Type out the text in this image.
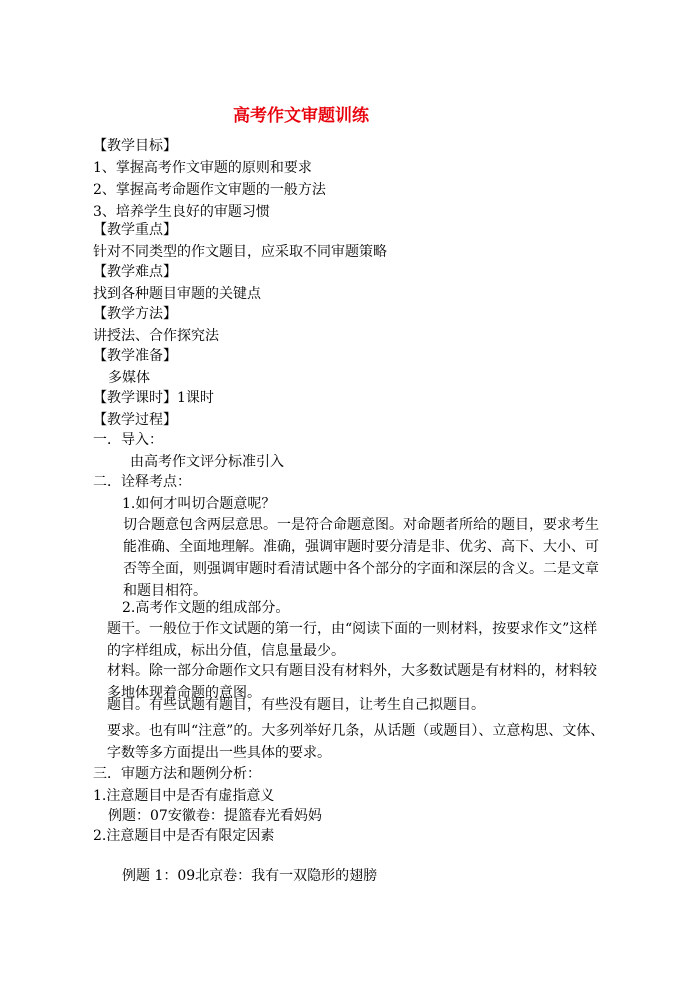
高考作文审题训练
【教学目标】
1、掌握高考作文审题的原则和要求
2、掌握高考命题作文审题的一般方法
3、培养学生良好的审题习惯
【教学重点】
针对不同类型的作文题目，应采取不同审题策略
【教学难点】
找到各种题目审题的关键点
【教学方法】
讲授法、合作探究法
【教学准备】
多媒体
【教学课时】1课时
【教学过程】
一．导入：
由高考作文评分标准引入
二．诠释考点：
1.如何才叫切合题意呢？
切合题意包含两层意思。一是符合命题意图。对命题者所给的题目，要求考生能准确、全面地理解。准确，强调审题时要分清是非、优劣、高下、大小、可否等全面，则强调审题时看清试题中各个部分的字面和深层的含义。二是文章和题目相符。
2.高考作文题的组成部分。
题干。一般位于作文试题的第一行，由“阅读下面的一则材料，按要求作文”这样的字样组成，标出分值，信息量最少。
材料。除一部分命题作文只有题目没有材料外，大多数试题是有材料的，材料较多地体现着命题的意图。
题目。有些试题有题目，有些没有题目，让考生自己拟题目。
要求。也有叫“注意”的。大多列举好几条，从话题（或题目）、立意构思、文体、字数等多方面提出一些具体的要求。
三．审题方法和题例分析：
1.注意题目中是否有虚指意义
例题：07安徽卷：提篮春光看妈妈
2.注意题目中是否有限定因素
例题 1：09北京卷：我有一双隐形的翅膀
